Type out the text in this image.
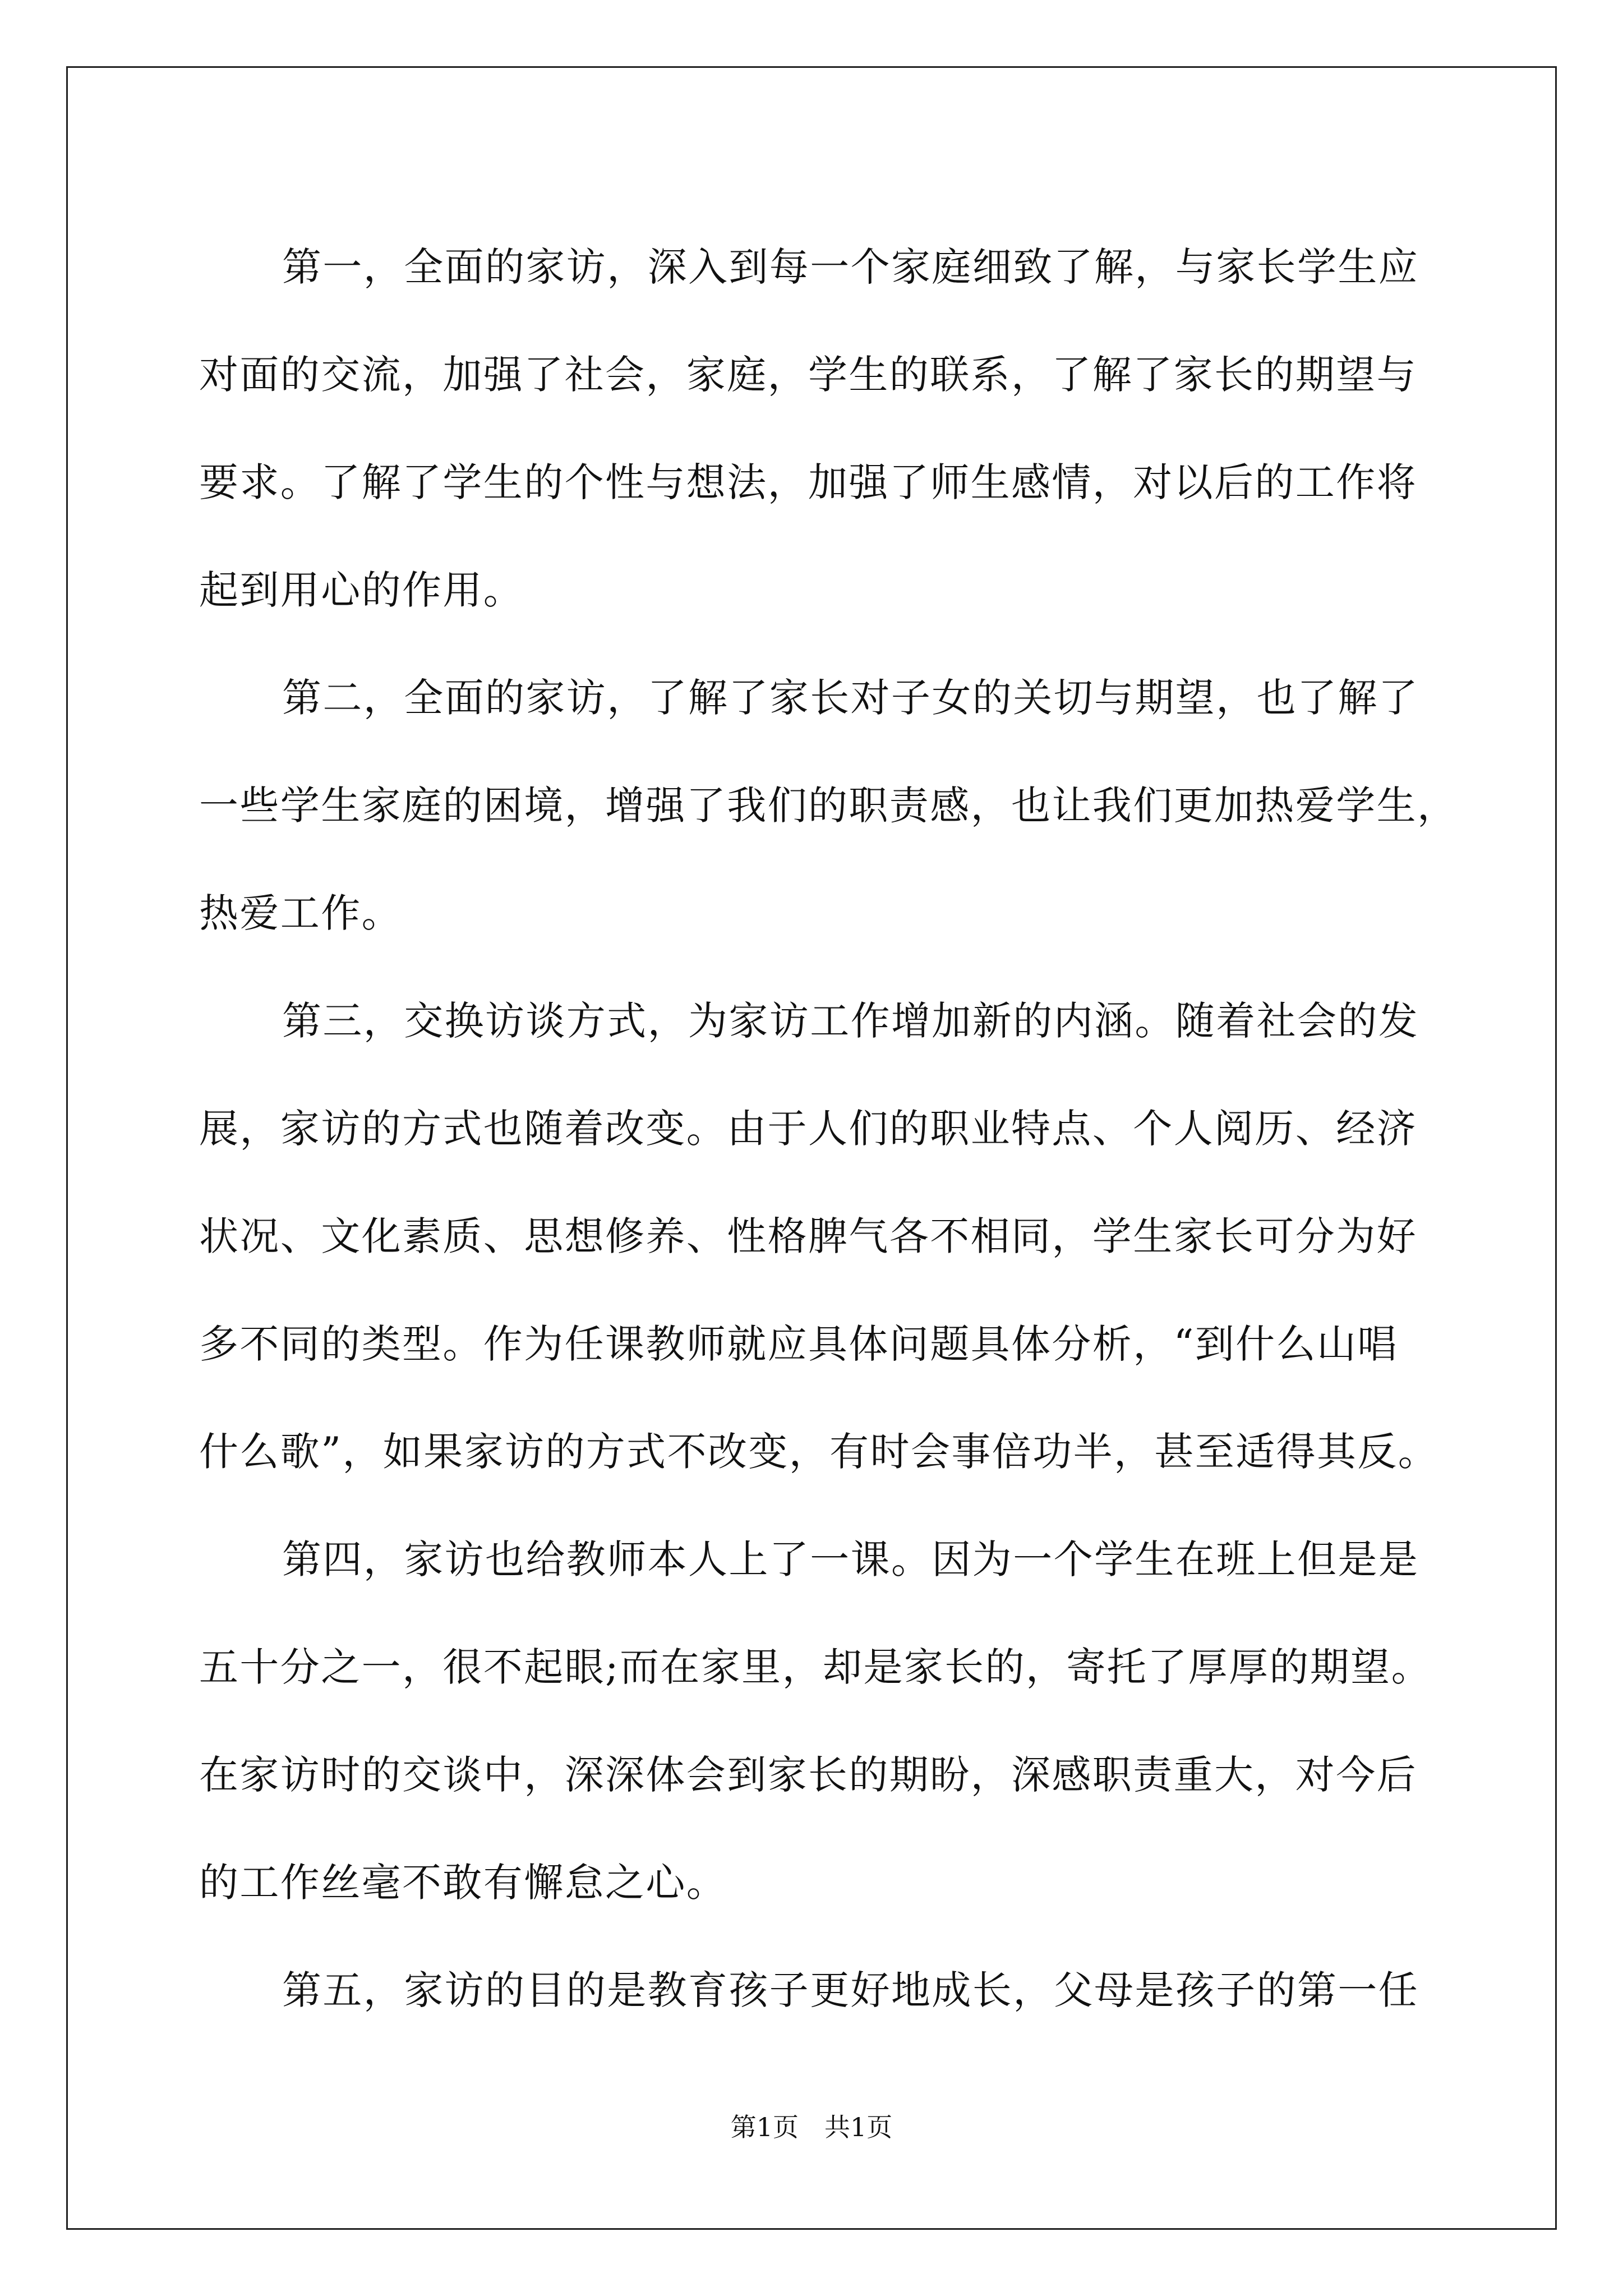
第一，全面的家访，深入到每一个家庭细致了解，与家长学生应
对面的交流，加强了社会，家庭，学生的联系，了解了家长的期望与
要求。了解了学生的个性与想法，加强了师生感情，对以后的工作将
起到用心的作用。
第二，全面的家访，了解了家长对子女的关切与期望，也了解了
一些学生家庭的困境，增强了我们的职责感，也让我们更加热爱学生，
热爱工作。
第三，交换访谈方式，为家访工作增加新的内涵。随着社会的发
展，家访的方式也随着改变。由于人们的职业特点、个人阅历、经济
状况、文化素质、思想修养、性格脾气各不相同，学生家长可分为好
多不同的类型。作为任课教师就应具体问题具体分析，“到什么山唱
什么歌”，如果家访的方式不改变，有时会事倍功半，甚至适得其反。
第四，家访也给教师本人上了一课。因为一个学生在班上但是是
五十分之一，很不起眼;而在家里，却是家长的，寄托了厚厚的期望。
在家访时的交谈中，深深体会到家长的期盼，深感职责重大，对今后
的工作丝毫不敢有懈怠之心。
第五，家访的目的是教育孩子更好地成长，父母是孩子的第一任
第1页 共1页
